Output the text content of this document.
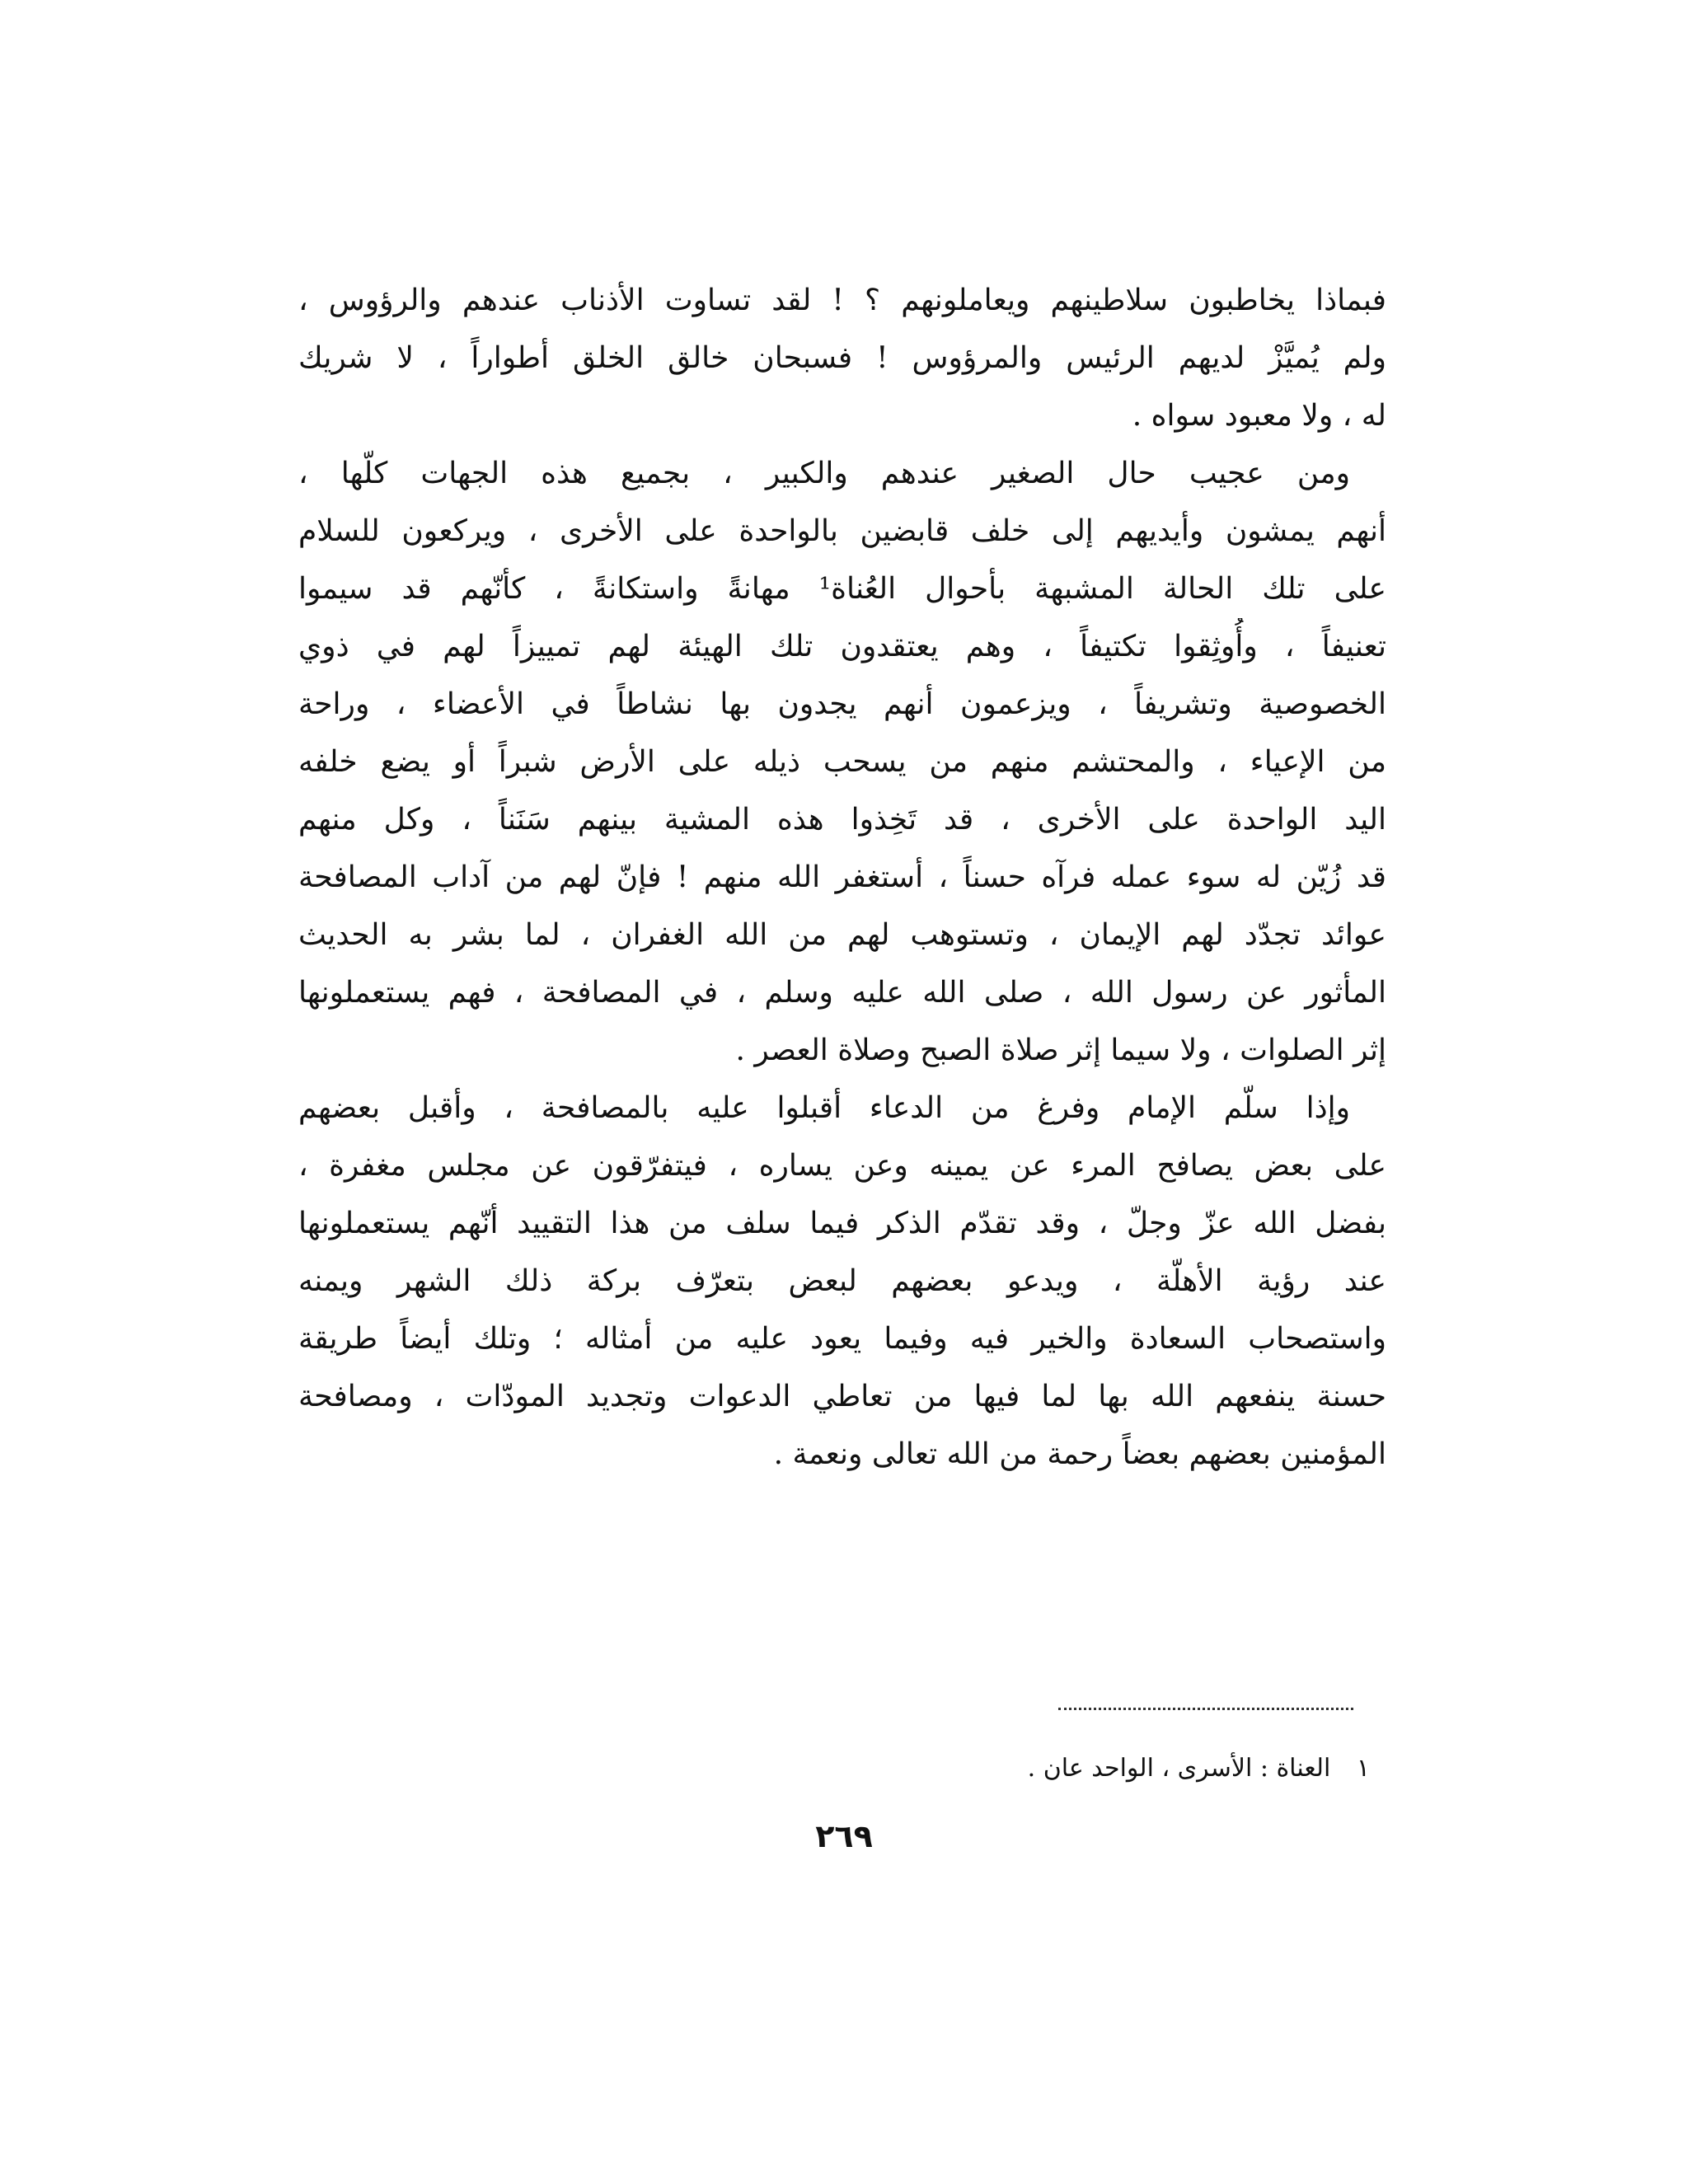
فبماذا يخاطبون سلاطينهم ويعاملونهم ؟ ! لقد تساوت الأذناب عندهم والرؤوس ،
ولم يُميَّزْ لديهم الرئيس والمرؤوس ! فسبحان خالق الخلق أطواراً ، لا شريك
له ، ولا معبود سواه .
ومن عجيب حال الصغير عندهم والكبير ، بجميع هذه الجهات كلّها ،
أنهم يمشون وأيديهم إلى خلف قابضين بالواحدة على الأخرى ، ويركعون للسلام
على تلك الحالة المشبهة بأحوال العُناة¹ مهانةً واستكانةً ، كأنّهم قد سيموا
تعنيفاً ، وأُوثِقوا تكتيفاً ، وهم يعتقدون تلك الهيئة لهم تمييزاً لهم في ذوي
الخصوصية وتشريفاً ، ويزعمون أنهم يجدون بها نشاطاً في الأعضاء ، وراحة
من الإعياء ، والمحتشم منهم من يسحب ذيله على الأرض شبراً أو يضع خلفه
اليد الواحدة على الأخرى ، قد تَخِذوا هذه المشية بينهم سَنَناً ، وكل منهم
قد زُيّن له سوء عمله فرآه حسناً ، أستغفر الله منهم ! فإنّ لهم من آداب المصافحة
عوائد تجدّد لهم الإيمان ، وتستوهب لهم من الله الغفران ، لما بشر به الحديث
المأثور عن رسول الله ، صلى الله عليه وسلم ، في المصافحة ، فهم يستعملونها
إثر الصلوات ، ولا سيما إثر صلاة الصبح وصلاة العصر .
وإذا سلّم الإمام وفرغ من الدعاء أقبلوا عليه بالمصافحة ، وأقبل بعضهم
على بعض يصافح المرء عن يمينه وعن يساره ، فيتفرّقون عن مجلس مغفرة ،
بفضل الله عزّ وجلّ ، وقد تقدّم الذكر فيما سلف من هذا التقييد أنّهم يستعملونها
عند رؤية الأهلّة ، ويدعو بعضهم لبعض بتعرّف بركة ذلك الشهر ويمنه
واستصحاب السعادة والخير فيه وفيما يعود عليه من أمثاله ؛ وتلك أيضاً طريقة
حسنة ينفعهم الله بها لما فيها من تعاطي الدعوات وتجديد المودّات ، ومصافحة
المؤمنين بعضهم بعضاً رحمة من الله تعالى ونعمة .
١ العناة : الأسرى ، الواحد عان .
٢٦٩
